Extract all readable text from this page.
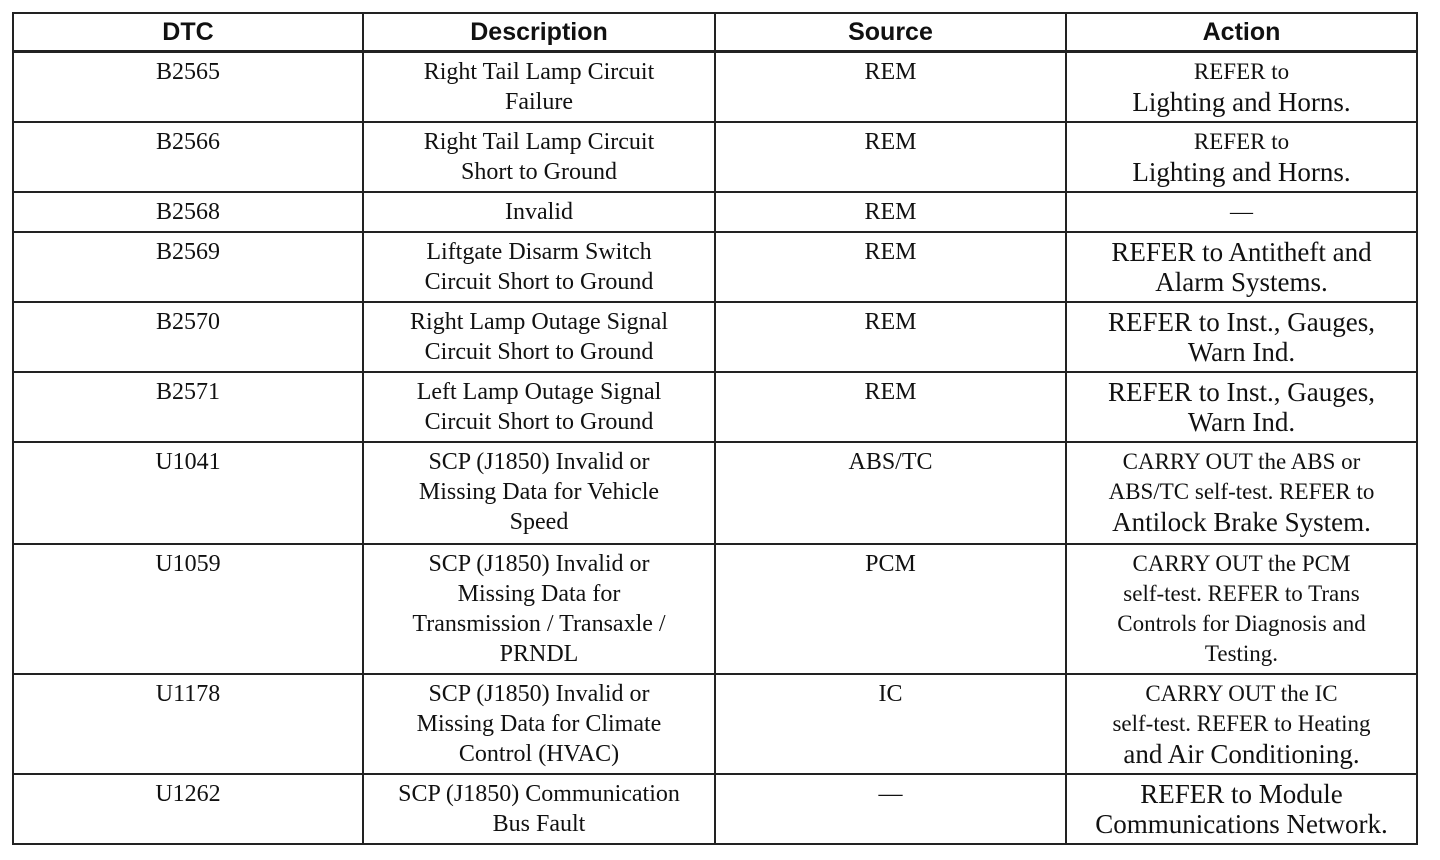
DTC	Description	Source	Action
B2565	Right Tail Lamp Circuit
Failure	REM	REFER to
Lighting and Horns.

B2566	Right Tail Lamp Circuit
Short to Ground	REM	REFER to
Lighting and Horns.

B2568	Invalid	REM	—

B2569	Liftgate Disarm Switch
Circuit Short to Ground	REM	REFER to Antitheft and
Alarm Systems.

B2570	Right Lamp Outage Signal
Circuit Short to Ground	REM	REFER to Inst., Gauges,
Warn Ind.

B2571	Left Lamp Outage Signal
Circuit Short to Ground	REM	REFER to Inst., Gauges,
Warn Ind.

U1041	SCP (J1850) Invalid or
Missing Data for Vehicle
Speed	ABS/TC	CARRY OUT the ABS or
ABS/TC self-test. REFER to
Antilock Brake System.

U1059	SCP (J1850) Invalid or
Missing Data for
Transmission / Transaxle /
PRNDL	PCM	CARRY OUT the PCM
self-test. REFER to Trans
Controls for Diagnosis and
Testing.

U1178	SCP (J1850) Invalid or
Missing Data for Climate
Control (HVAC)	IC	CARRY OUT the IC
self-test. REFER to Heating
and Air Conditioning.

U1262	SCP (J1850) Communication
Bus Fault	—	REFER to Module
Communications Network.
